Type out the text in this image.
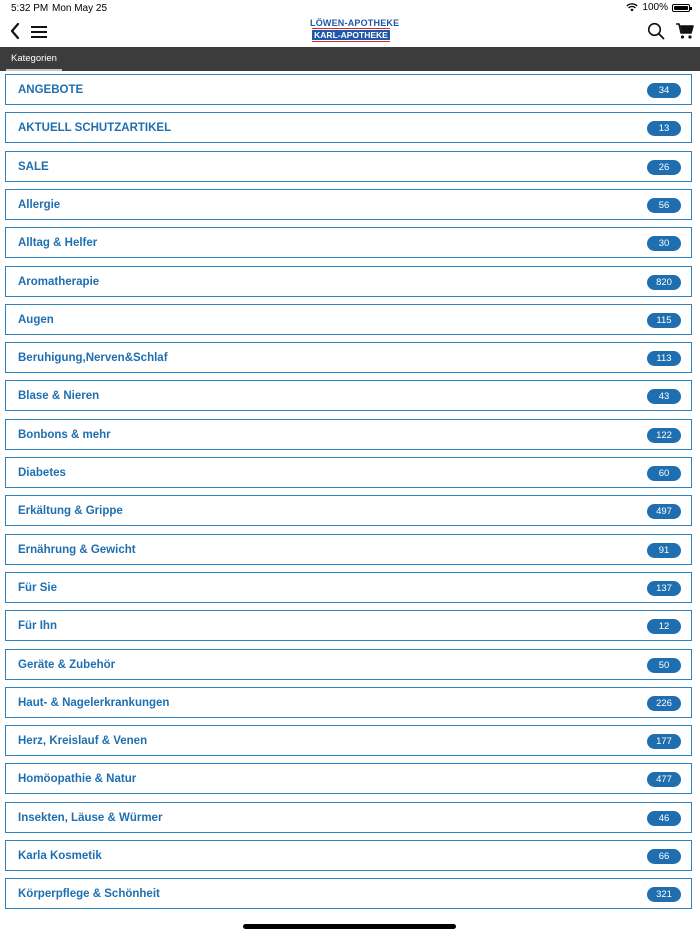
5:32 PM Mon May 25	100%
LÖWEN-APOTHEKE
KARL-APOTHEKE
Kategorien
ANGEBOTE	34
AKTUELL SCHUTZARTIKEL	13
SALE	26
Allergie	56
Alltag & Helfer	30
Aromatherapie	820
Augen	115
Beruhigung,Nerven&Schlaf	113
Blase & Nieren	43
Bonbons & mehr	122
Diabetes	60
Erkältung & Grippe	497
Ernährung & Gewicht	91
Für Sie	137
Für Ihn	12
Geräte & Zubehör	50
Haut- & Nagelerkrankungen	226
Herz, Kreislauf & Venen	177
Homöopathie & Natur	477
Insekten, Läuse & Würmer	46
Karla Kosmetik	66
Körperpflege & Schönheit	321
